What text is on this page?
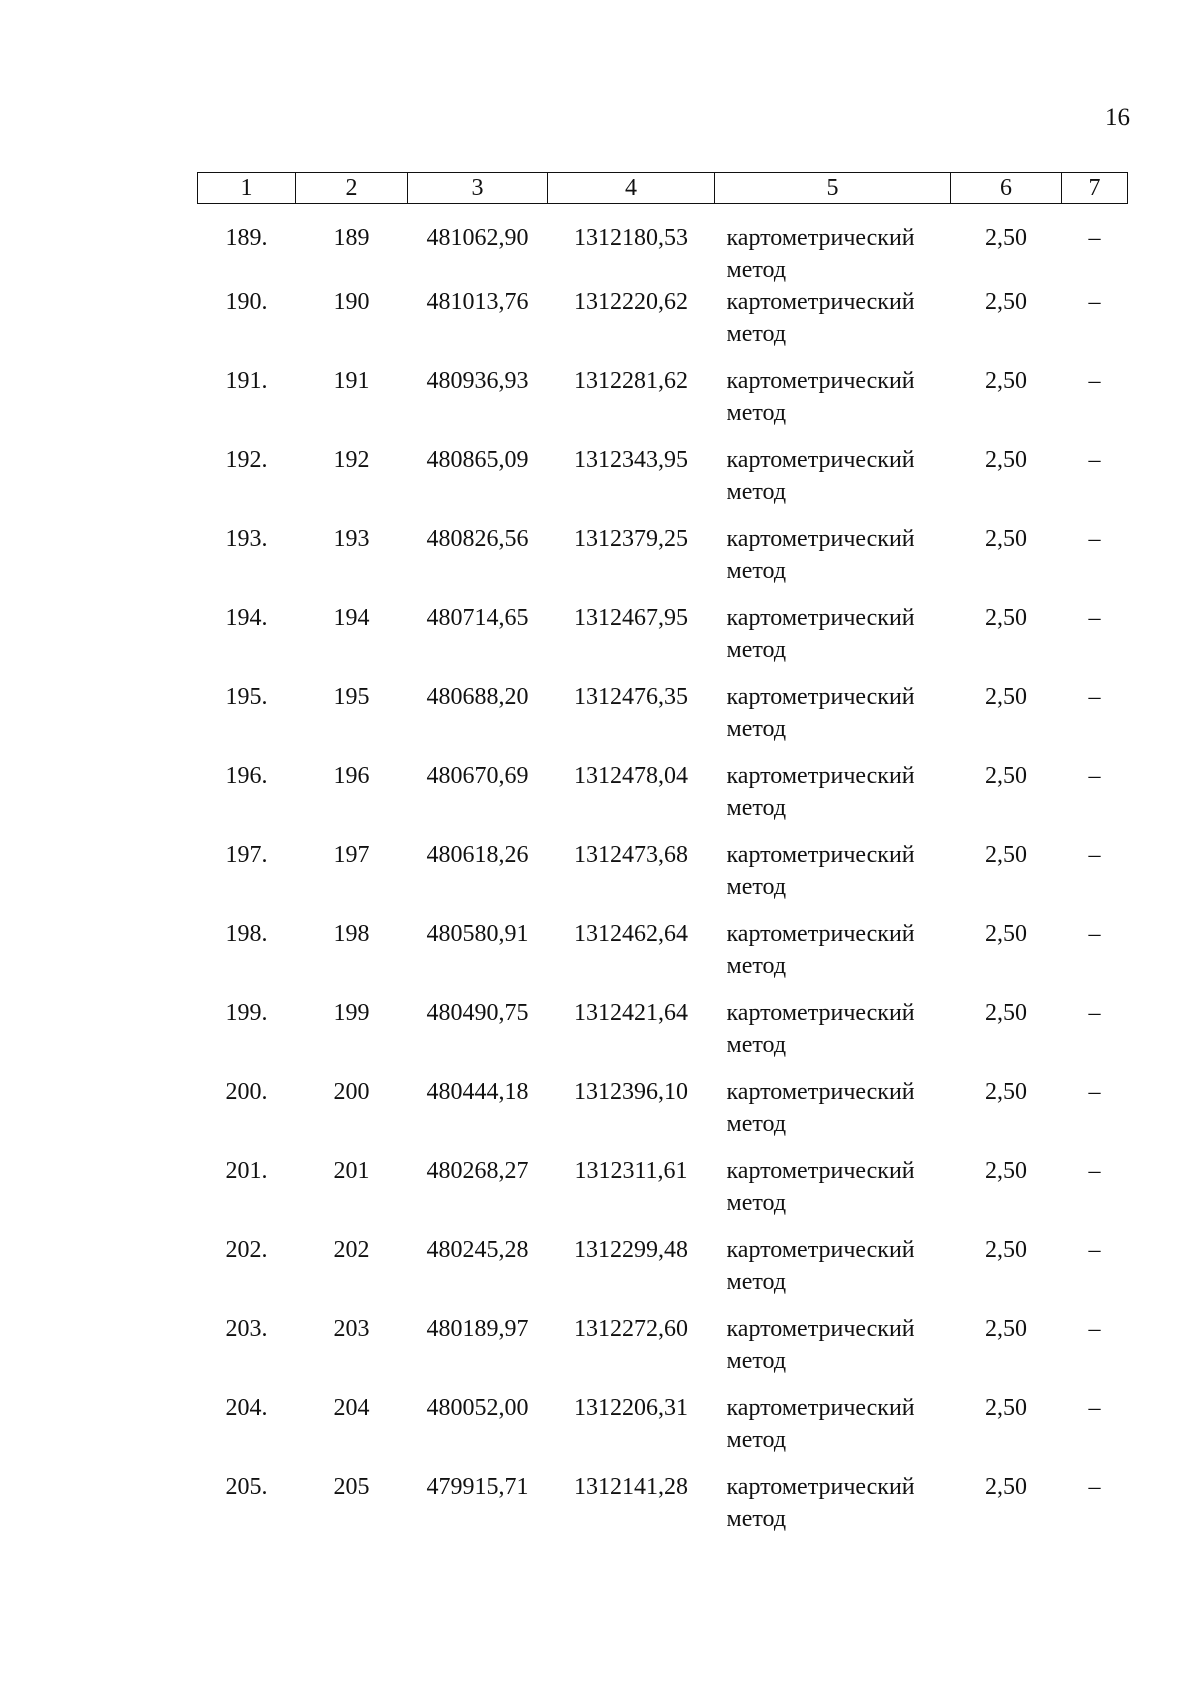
16
1	2	3	4	5	6	7
189.	189	481062,90	1312180,53	картометрический
метод	2,50	–
190.	190	481013,76	1312220,62	картометрический
метод	2,50	–
191.	191	480936,93	1312281,62	картометрический
метод	2,50	–
192.	192	480865,09	1312343,95	картометрический
метод	2,50	–
193.	193	480826,56	1312379,25	картометрический
метод	2,50	–
194.	194	480714,65	1312467,95	картометрический
метод	2,50	–
195.	195	480688,20	1312476,35	картометрический
метод	2,50	–
196.	196	480670,69	1312478,04	картометрический
метод	2,50	–
197.	197	480618,26	1312473,68	картометрический
метод	2,50	–
198.	198	480580,91	1312462,64	картометрический
метод	2,50	–
199.	199	480490,75	1312421,64	картометрический
метод	2,50	–
200.	200	480444,18	1312396,10	картометрический
метод	2,50	–
201.	201	480268,27	1312311,61	картометрический
метод	2,50	–
202.	202	480245,28	1312299,48	картометрический
метод	2,50	–
203.	203	480189,97	1312272,60	картометрический
метод	2,50	–
204.	204	480052,00	1312206,31	картометрический
метод	2,50	–
205.	205	479915,71	1312141,28	картометрический
метод	2,50	–
